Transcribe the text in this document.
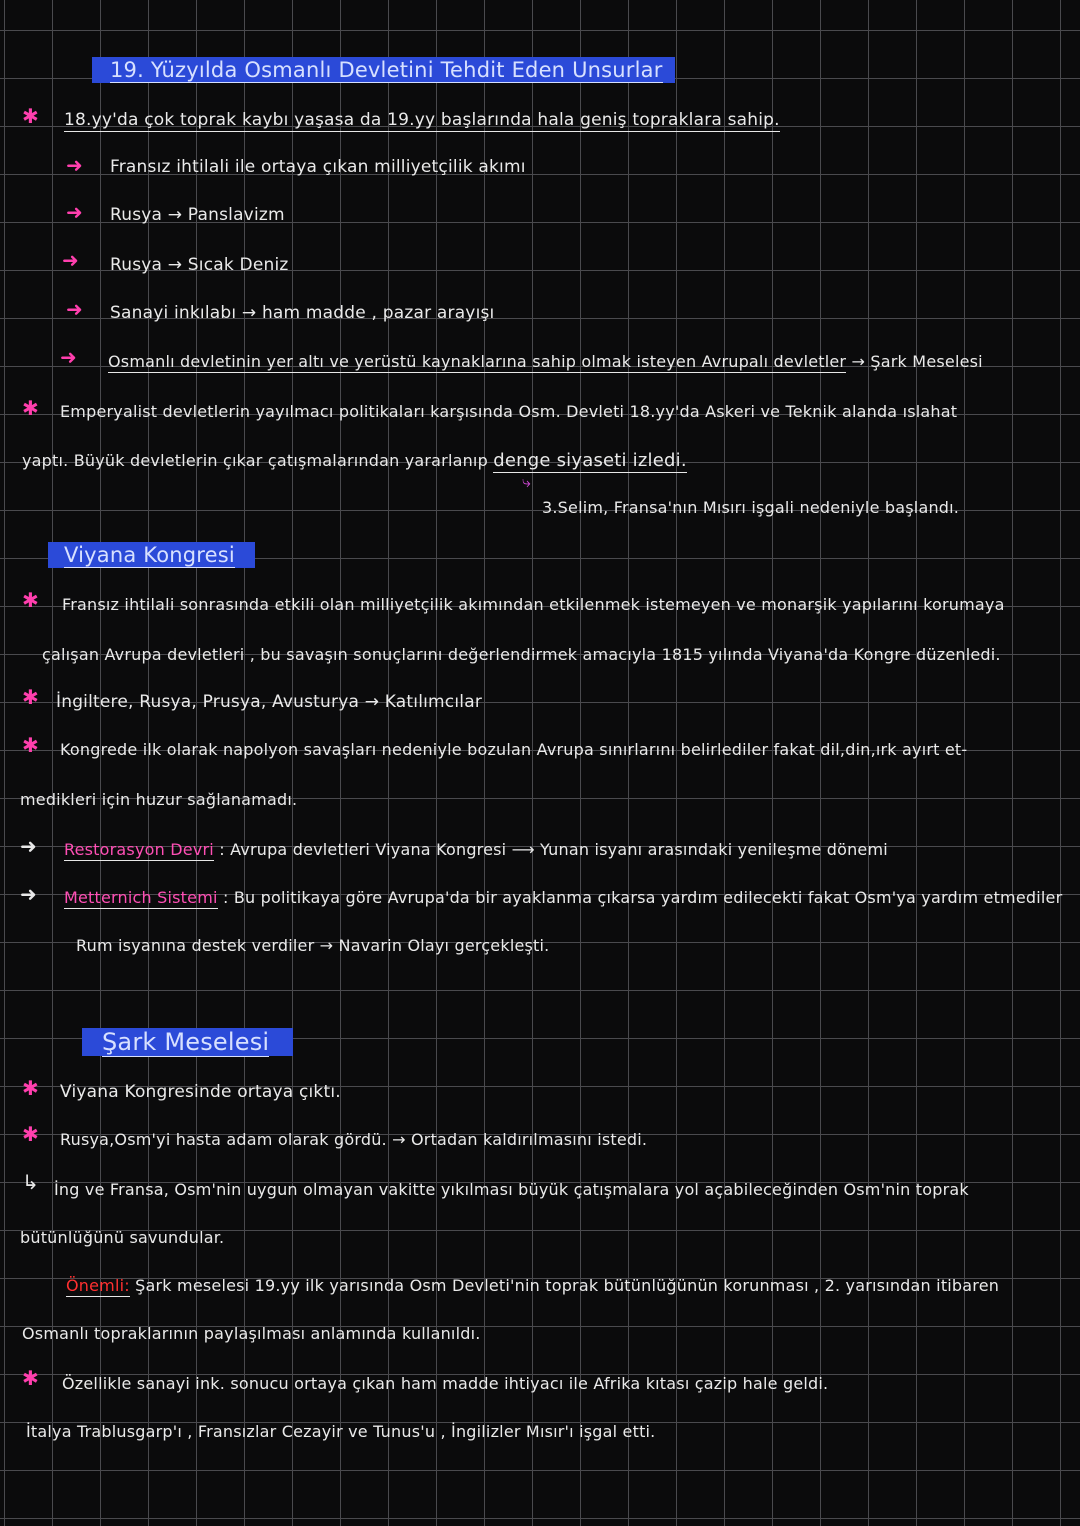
19. Yüzyılda Osmanlı Devletini Tehdit Eden Unsurlar
✱ 18.yy'da çok toprak kaybı yaşasa da 19.yy başlarında hala geniş topraklara sahip.
➜ Fransız ihtilali ile ortaya çıkan milliyetçilik akımı
➜ Rusya → Panslavizm
➜ Rusya → Sıcak Deniz
➜ Sanayi inkılabı → ham madde , pazar arayışı
➜ Osmanlı devletinin yer altı ve yerüstü kaynaklarına sahip olmak isteyen Avrupalı devletler → Şark Meselesi
✱ Emperyalist devletlerin yayılmacı politikaları karşısında Osm. Devleti 18.yy'da Askeri ve Teknik alanda ıslahat
yaptı. Büyük devletlerin çıkar çatışmalarından yararlanıp denge siyaseti izledi.
⤷
3.Selim, Fransa'nın Mısırı işgali nedeniyle başlandı.
Viyana Kongresi
✱ Fransız ihtilali sonrasında etkili olan milliyetçilik akımından etkilenmek istemeyen ve monarşik yapılarını korumaya
çalışan Avrupa devletleri , bu savaşın sonuçlarını değerlendirmek amacıyla 1815 yılında Viyana'da Kongre düzenledi.
✱ İngiltere, Rusya, Prusya, Avusturya → Katılımcılar
✱ Kongrede ilk olarak napolyon savaşları nedeniyle bozulan Avrupa sınırlarını belirlediler fakat dil,din,ırk ayırt et-
medikleri için huzur sağlanamadı.
➜ Restorasyon Devri : Avrupa devletleri Viyana Kongresi ⟶ Yunan isyanı arasındaki yenileşme dönemi
➜ Metternich Sistemi : Bu politikaya göre Avrupa'da bir ayaklanma çıkarsa yardım edilecekti fakat Osm'ya yardım etmediler
Rum isyanına destek verdiler → Navarin Olayı gerçekleşti.
Şark Meselesi
✱ Viyana Kongresinde ortaya çıktı.
✱ Rusya,Osm'yi hasta adam olarak gördü. → Ortadan kaldırılmasını istedi.
↳ İng ve Fransa, Osm'nin uygun olmayan vakitte yıkılması büyük çatışmalara yol açabileceğinden Osm'nin toprak
bütünlüğünü savundular.
Önemli: Şark meselesi 19.yy ilk yarısında Osm Devleti'nin toprak bütünlüğünün korunması , 2. yarısından itibaren
Osmanlı topraklarının paylaşılması anlamında kullanıldı.
✱ Özellikle sanayi ink. sonucu ortaya çıkan ham madde ihtiyacı ile Afrika kıtası çazip hale geldi.
İtalya Trablusgarp'ı , Fransızlar Cezayir ve Tunus'u , İngilizler Mısır'ı işgal etti.
